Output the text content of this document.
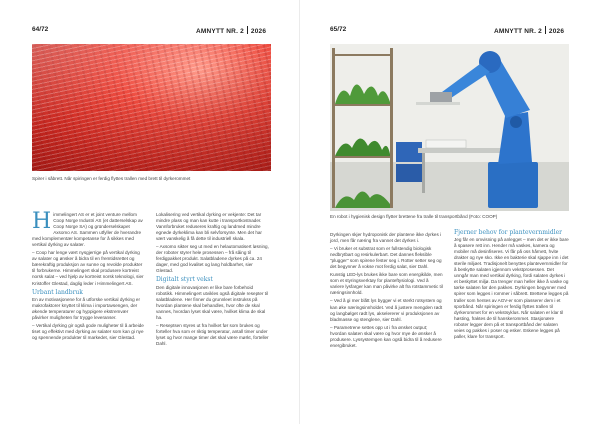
64/72	AMNYTT NR. 2 2026
Spirer i såbrett. Når spiringen er ferdig flyttes trallen med brett til dyrkerommet

Himmelingert AS er et joint venture mellom Coop Norge Industri AS (et datterselskap av Coop Norge SA) og gründerselskapet Axsomo AS. Sammen utfyller de hverandre med komplementær kompetanse for å sikkes med vertikal dyrking av salater.

– Coop har lenge vært nysgjerrige på vertikal dyrking av salater og ønsker å bidra til en fremtidsrettet og bærekraftig produksjon av sunne og revolde produkter til forbrukerne. Himmelingert skal produsere kortreist norsk salat – ved hjelp av kortreist norsk teknologi, sier Kristoffer Glestad, daglig leder i Himmelingert AS.

Urbant landbruk

En av motivasjonene for å utforske vertikal dyrking er makrofaktorer knyttet til klima i importavsengen, der økende temperaturer og hyppigere ekstremvær påvirker muligheten for trygge leveranser.

– Vertikal dyrking gir også gode muligheter til å arbeide tiset og effektivt med dyrking av salater som kan gi nye og spennende produkter til markedet, sier Glestad.

Lokalisering ved vertikal dyrking er vekjente: Det tar mindre plass og man kan kutte i transportkostnader. Vannforbruket reduseres kraftig og landmed mindre egnede dyrkeklima kan bli selvforsynte. Men det har vært vanskelig å få dette til industriell skala.

– Axsomo sikter seg ut med en helautomatisert løsning, der roboter styrer hele prosessen – frå såing til ferdigpakket produkt. Salatbladene dyrkes på ca. 24 dager, med god kvalitet og lang holdbarhet, sier Glestad.

Digitalt styrt vekst

Den digitale innovasjonen er like bare forbehoid robotikk. Himmelingert utvikles også digitale resepter til salatbladene. Her finner du grunnleet instrukss på hvordan plantene skal behandles, hvor ofte de skal vannes, hvordan lyset skal være, hvilket klima de skal ha.

– Reseptsen styres ut fra hvilket før som brukes og forteller hva som er riktig temperatur, antall timer under lyset og hvor mange timer det skal være mørkt, forteller Dahl.

65/72	AMNYTT NR. 2 2026
En robot i hygienisk design flytter brettene fra tralle til transportbånd (Foto: COOP)

Dyrkingen skjer hydroponisk der plantene ikke dyrkes i jord, men får næring fra vannet det dyrkes i.

– Vi bruker et substrat som er fullstendig biologisk nedbrytbart og resirkulerbart. Det dannes fleksible "plugger" som spirene fester seg i. Rotter setter seg og det begynner å vokse mot ferdig salat, sier Dahl.

Kunstig LED-lys brukes ikke bare som energikilde, men som et styringsverktøy for planteftysiologi. Ved å variere lysfarger kan man påvirke alt fra rotstammetic til næringsinnhold.

– Ved å gi mer blått lys bygger vi et sterkt rotsystem og kan øke næringsinnholdet. Ved å justere mengden rødt og langbølget rødt lys, akselererer vi produksjonen av bladmasse og stenglene, sier Dahl.

– Parametrene settes opp ut i fra ønsket output; hvordan salaten skal være og hvor mye de ønsker å produsere. Lyssystemgen kan også bidra til å redusere energibruket.

Fjerner behov for plantevernmidler

Jeg får en omvisning på anlegget – men det er ikke bare å spasere rett inn. Hender må vaskes, kamera og mobiler må desinfiseres. Vi får på oss hårnett, hvite drakter og nye sko. Ikke en bakterie skal sjappe inn i det sterile miljøet. Tradisjonelt benyttes plantevernmidler for å beskytte salaten igjennom vekstprosessen. Det unngår man med vertikal dyrking, fordi salaten dyrkes i et beskyttet miljø. Da trenger man heller ikke å vaske og tørke salaten før den pakkes. Dyrkingen begynner med spirer som legges i rommer i såbrett. Brettene legges på traller som hentes av AGV-er som plasserer dem i et sporbånd. Når spiringen er ferdig flyttes trallen til dyrkerommet for en vekstsyklus. Når salaten er klar til høsting, fraktes de til hanskerommet. Stasjonære roboter legger dem på et transportbånd der salaten veies og pakkes i poser og esker. Eskene legges på paller, klare for transport.
